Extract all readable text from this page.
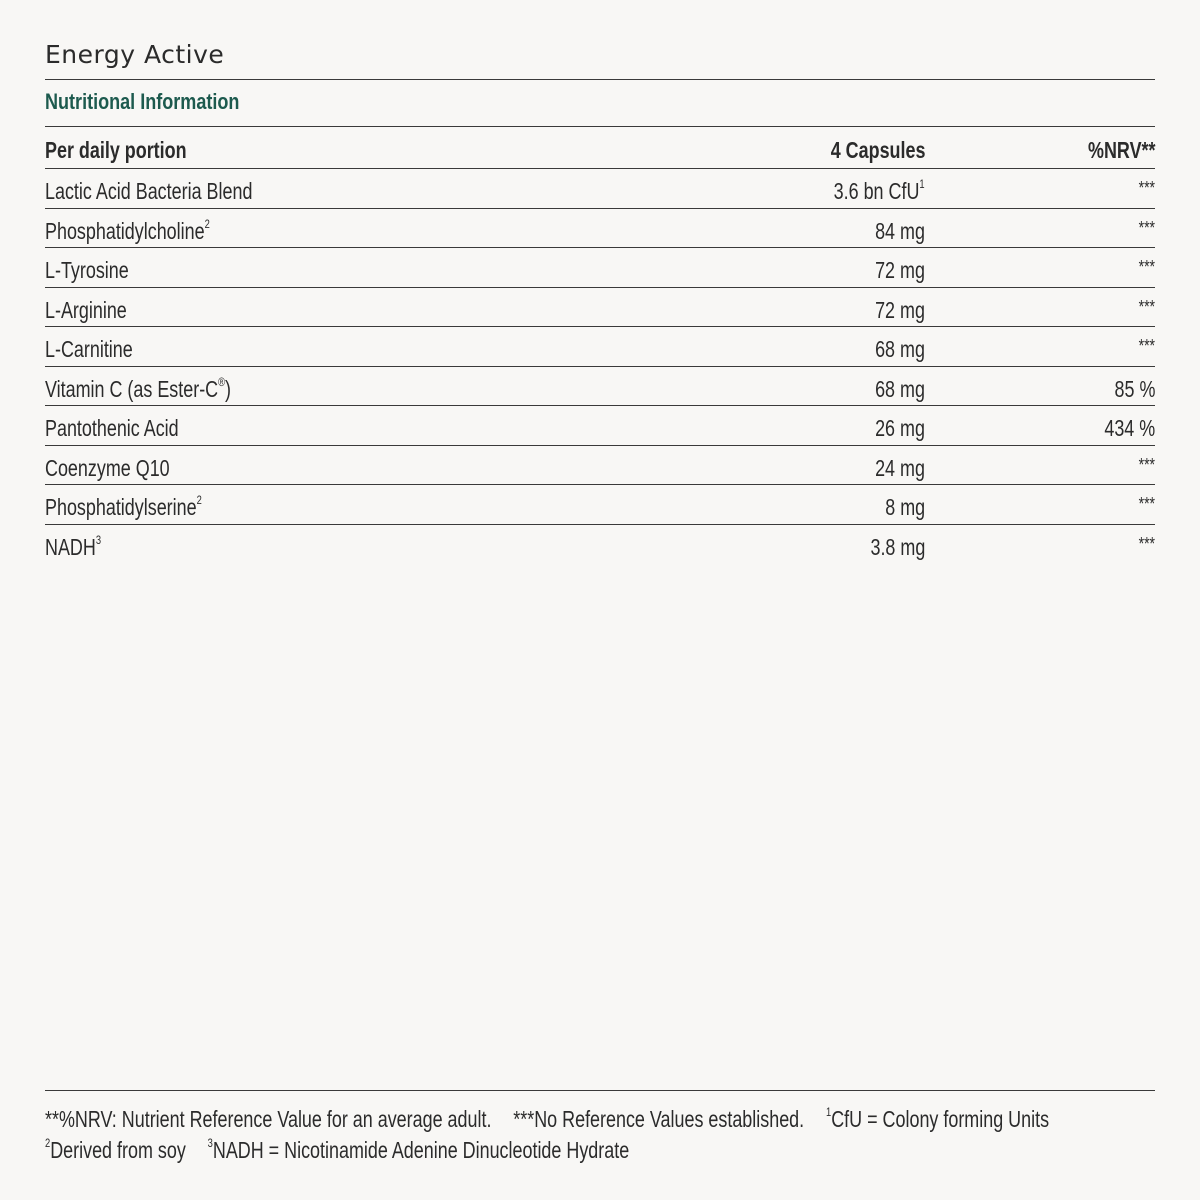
Energy Active
Nutritional Information
Per daily portion	4 Capsules	%NRV**
Lactic Acid Bacteria Blend	3.6 bn CfU$^1$	***
Phosphatidylcholine$^2$	84 mg	***
L-Tyrosine	72 mg	***
L-Arginine	72 mg	***
L-Carnitine	68 mg	***
Vitamin C (as Ester-C®)	68 mg	85 %
Pantothenic Acid	26 mg	434 %
Coenzyme Q10	24 mg	***
Phosphatidylserine$^2$	8 mg	***
NADH$^3$	3.8 mg	***
**%NRV: Nutrient Reference Value for an average adult. ***No Reference Values established. $^1$CfU = Colony forming Units
$^2$Derived from soy $^3$NADH = Nicotinamide Adenine Dinucleotide Hydrate
